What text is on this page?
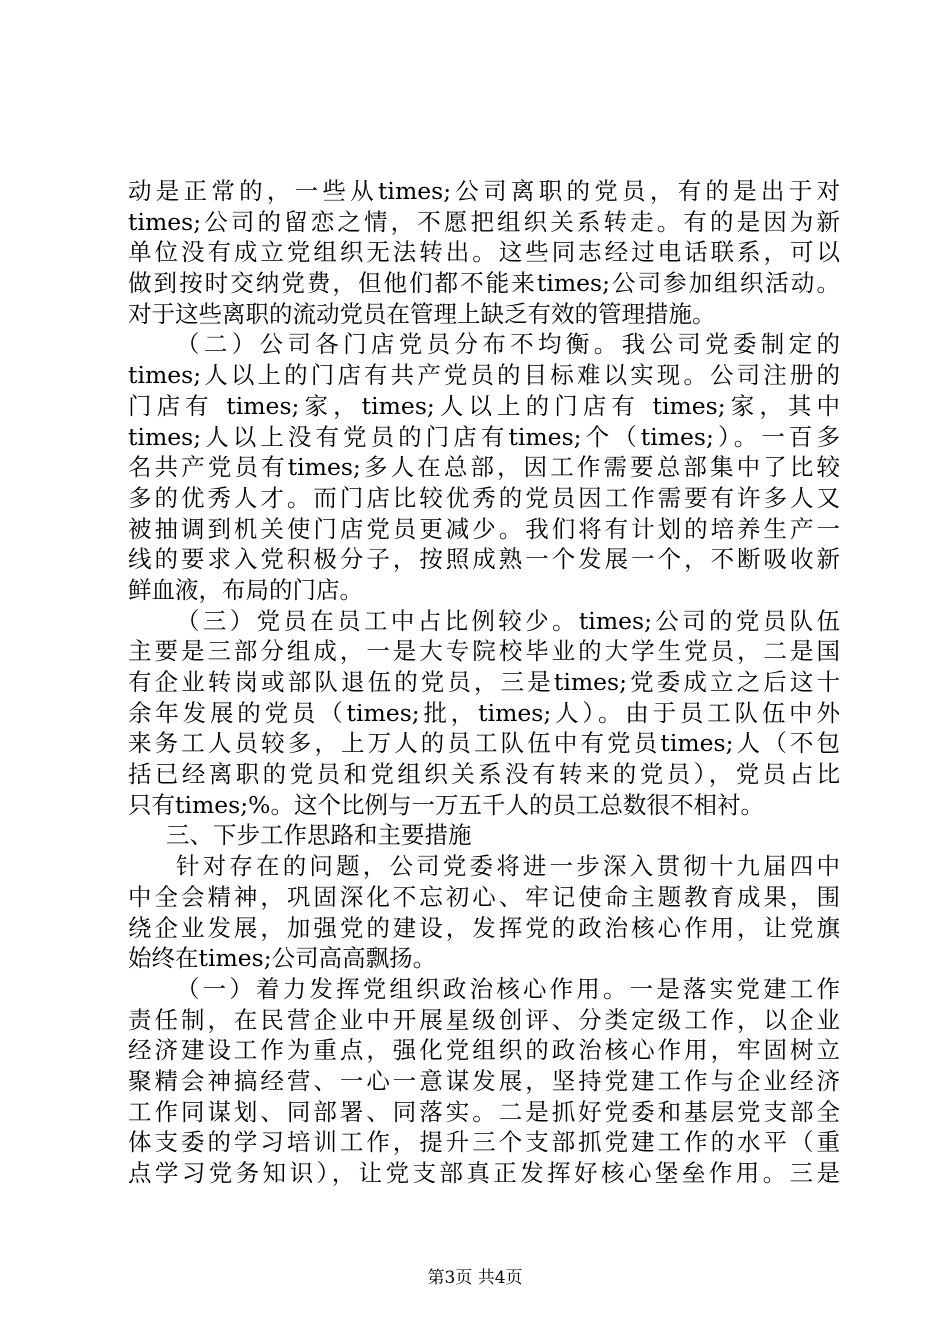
动是正常的，一些从times;公司离职的党员，有的是出于对
times;公司的留恋之情，不愿把组织关系转走。有的是因为新
单位没有成立党组织无法转出。这些同志经过电话联系，可以
做到按时交纳党费，但他们都不能来times;公司参加组织活动。
对于这些离职的流动党员在管理上缺乏有效的管理措施。
（二）公司各门店党员分布不均衡。我公司党委制定的
times;人以上的门店有共产党员的目标难以实现。公司注册的
门店有 times;家，times;人以上的门店有 times;家，其中
times;人以上没有党员的门店有times;个（times;）。一百多
名共产党员有times;多人在总部，因工作需要总部集中了比较
多的优秀人才。而门店比较优秀的党员因工作需要有许多人又
被抽调到机关使门店党员更减少。我们将有计划的培养生产一
线的要求入党积极分子，按照成熟一个发展一个，不断吸收新
鲜血液，布局的门店。
（三）党员在员工中占比例较少。times;公司的党员队伍
主要是三部分组成，一是大专院校毕业的大学生党员，二是国
有企业转岗或部队退伍的党员，三是times;党委成立之后这十
余年发展的党员（times;批，times;人）。由于员工队伍中外
来务工人员较多，上万人的员工队伍中有党员times;人（不包
括已经离职的党员和党组织关系没有转来的党员），党员占比
只有times;%。这个比例与一万五千人的员工总数很不相衬。
三、下步工作思路和主要措施
针对存在的问题，公司党委将进一步深入贯彻十九届四中
中全会精神，巩固深化不忘初心、牢记使命主题教育成果，围
绕企业发展，加强党的建设，发挥党的政治核心作用，让党旗
始终在times;公司高高飘扬。
（一）着力发挥党组织政治核心作用。一是落实党建工作
责任制，在民营企业中开展星级创评、分类定级工作，以企业
经济建设工作为重点，强化党组织的政治核心作用，牢固树立
聚精会神搞经营、一心一意谋发展，坚持党建工作与企业经济
工作同谋划、同部署、同落实。二是抓好党委和基层党支部全
体支委的学习培训工作，提升三个支部抓党建工作的水平（重
点学习党务知识），让党支部真正发挥好核心堡垒作用。三是
第3页 共4页
